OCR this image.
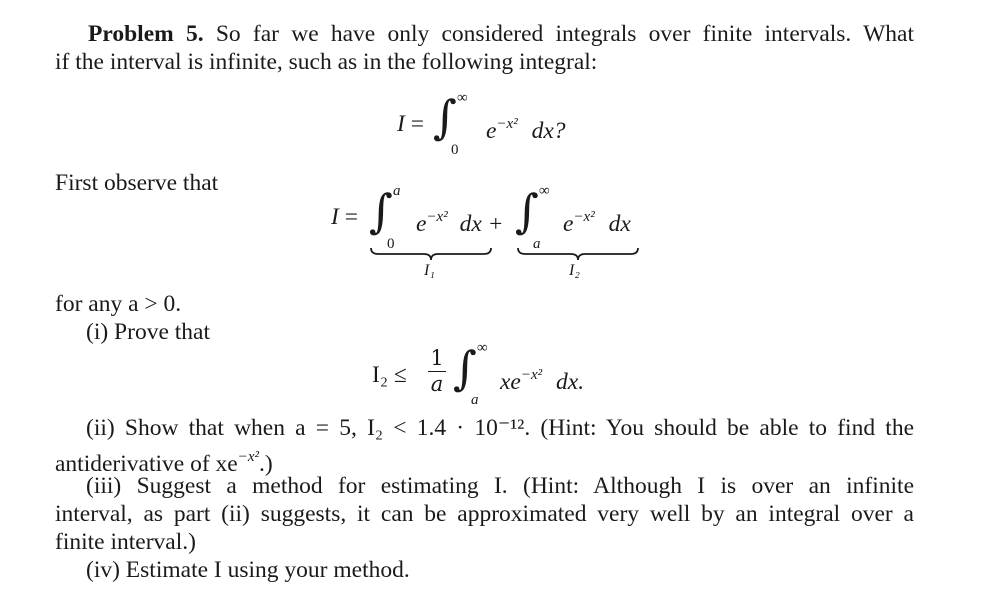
Problem 5. So far we have only considered integrals over finite intervals. What
if the interval is infinite, such as in the following integral:
I = ∫ ∞
0
$e^{-x^2}$ dx?
First observe that
I = ∫ a
0
$e^{-x^2}$ dx + ∫ ∞
a
$e^{-x^2}$ dx
I₁	I₂
for any a > 0.
(i) Prove that
I₂ ≤
1
a ∫ ∞
a
$xe^{-x^2}$ dx.
(ii) Show that when a = 5, I₂ < 1.4 · 10⁻¹². (Hint: You should be able to find the
antiderivative of $xe^{-x^2}$.)
(iii) Suggest a method for estimating I. (Hint: Although I is over an infinite
interval, as part (ii) suggests, it can be approximated very well by an integral over a
finite interval.)
(iv) Estimate I using your method.
